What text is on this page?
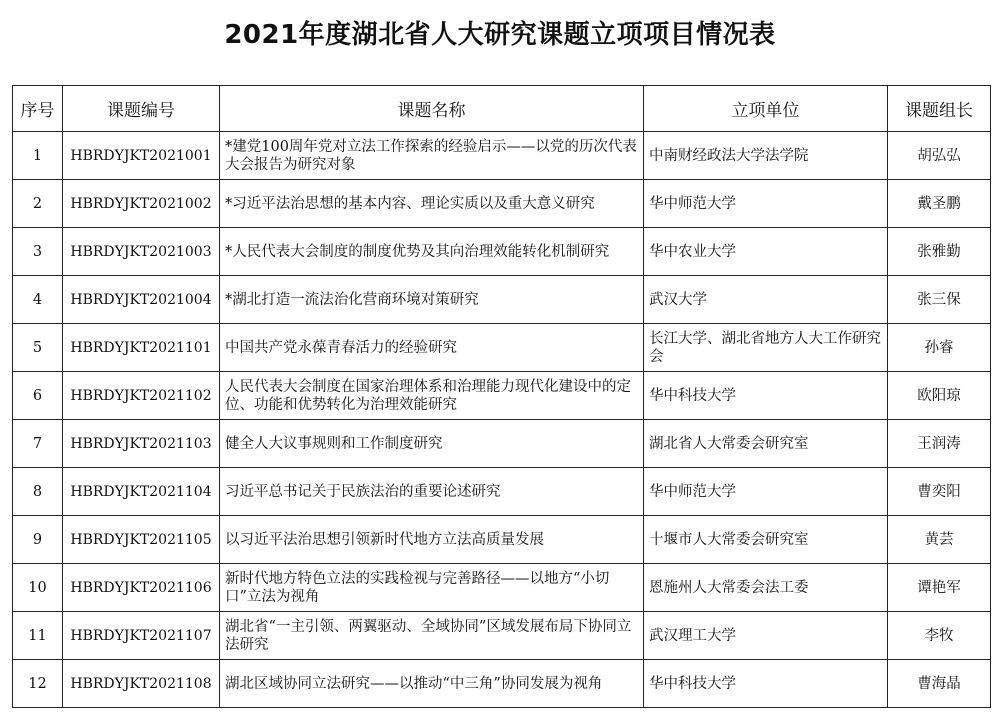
2021年度湖北省人大研究课题立项项目情况表
序号	课题编号	课题名称	立项单位	课题组长
1	HBRDYJKT2021001	*建党100周年党对立法工作探索的经验启示——以党的历次代表大会报告为研究对象	中南财经政法大学法学院	胡弘弘
2	HBRDYJKT2021002	*习近平法治思想的基本内容、理论实质以及重大意义研究	华中师范大学	戴圣鹏
3	HBRDYJKT2021003	*人民代表大会制度的制度优势及其向治理效能转化机制研究	华中农业大学	张雅勤
4	HBRDYJKT2021004	*湖北打造一流法治化营商环境对策研究	武汉大学	张三保
5	HBRDYJKT2021101	中国共产党永葆青春活力的经验研究	长江大学、湖北省地方人大工作研究会	孙睿
6	HBRDYJKT2021102	人民代表大会制度在国家治理体系和治理能力现代化建设中的定位、功能和优势转化为治理效能研究	华中科技大学	欧阳琼
7	HBRDYJKT2021103	健全人大议事规则和工作制度研究	湖北省人大常委会研究室	王润涛
8	HBRDYJKT2021104	习近平总书记关于民族法治的重要论述研究	华中师范大学	曹奕阳
9	HBRDYJKT2021105	以习近平法治思想引领新时代地方立法高质量发展	十堰市人大常委会研究室	黄芸
10	HBRDYJKT2021106	新时代地方特色立法的实践检视与完善路径——以地方“小切口”立法为视角	恩施州人大常委会法工委	谭艳军
11	HBRDYJKT2021107	湖北省“一主引领、两翼驱动、全域协同”区域发展布局下协同立法研究	武汉理工大学	李牧
12	HBRDYJKT2021108	湖北区域协同立法研究——以推动“中三角”协同发展为视角	华中科技大学	曹海晶
